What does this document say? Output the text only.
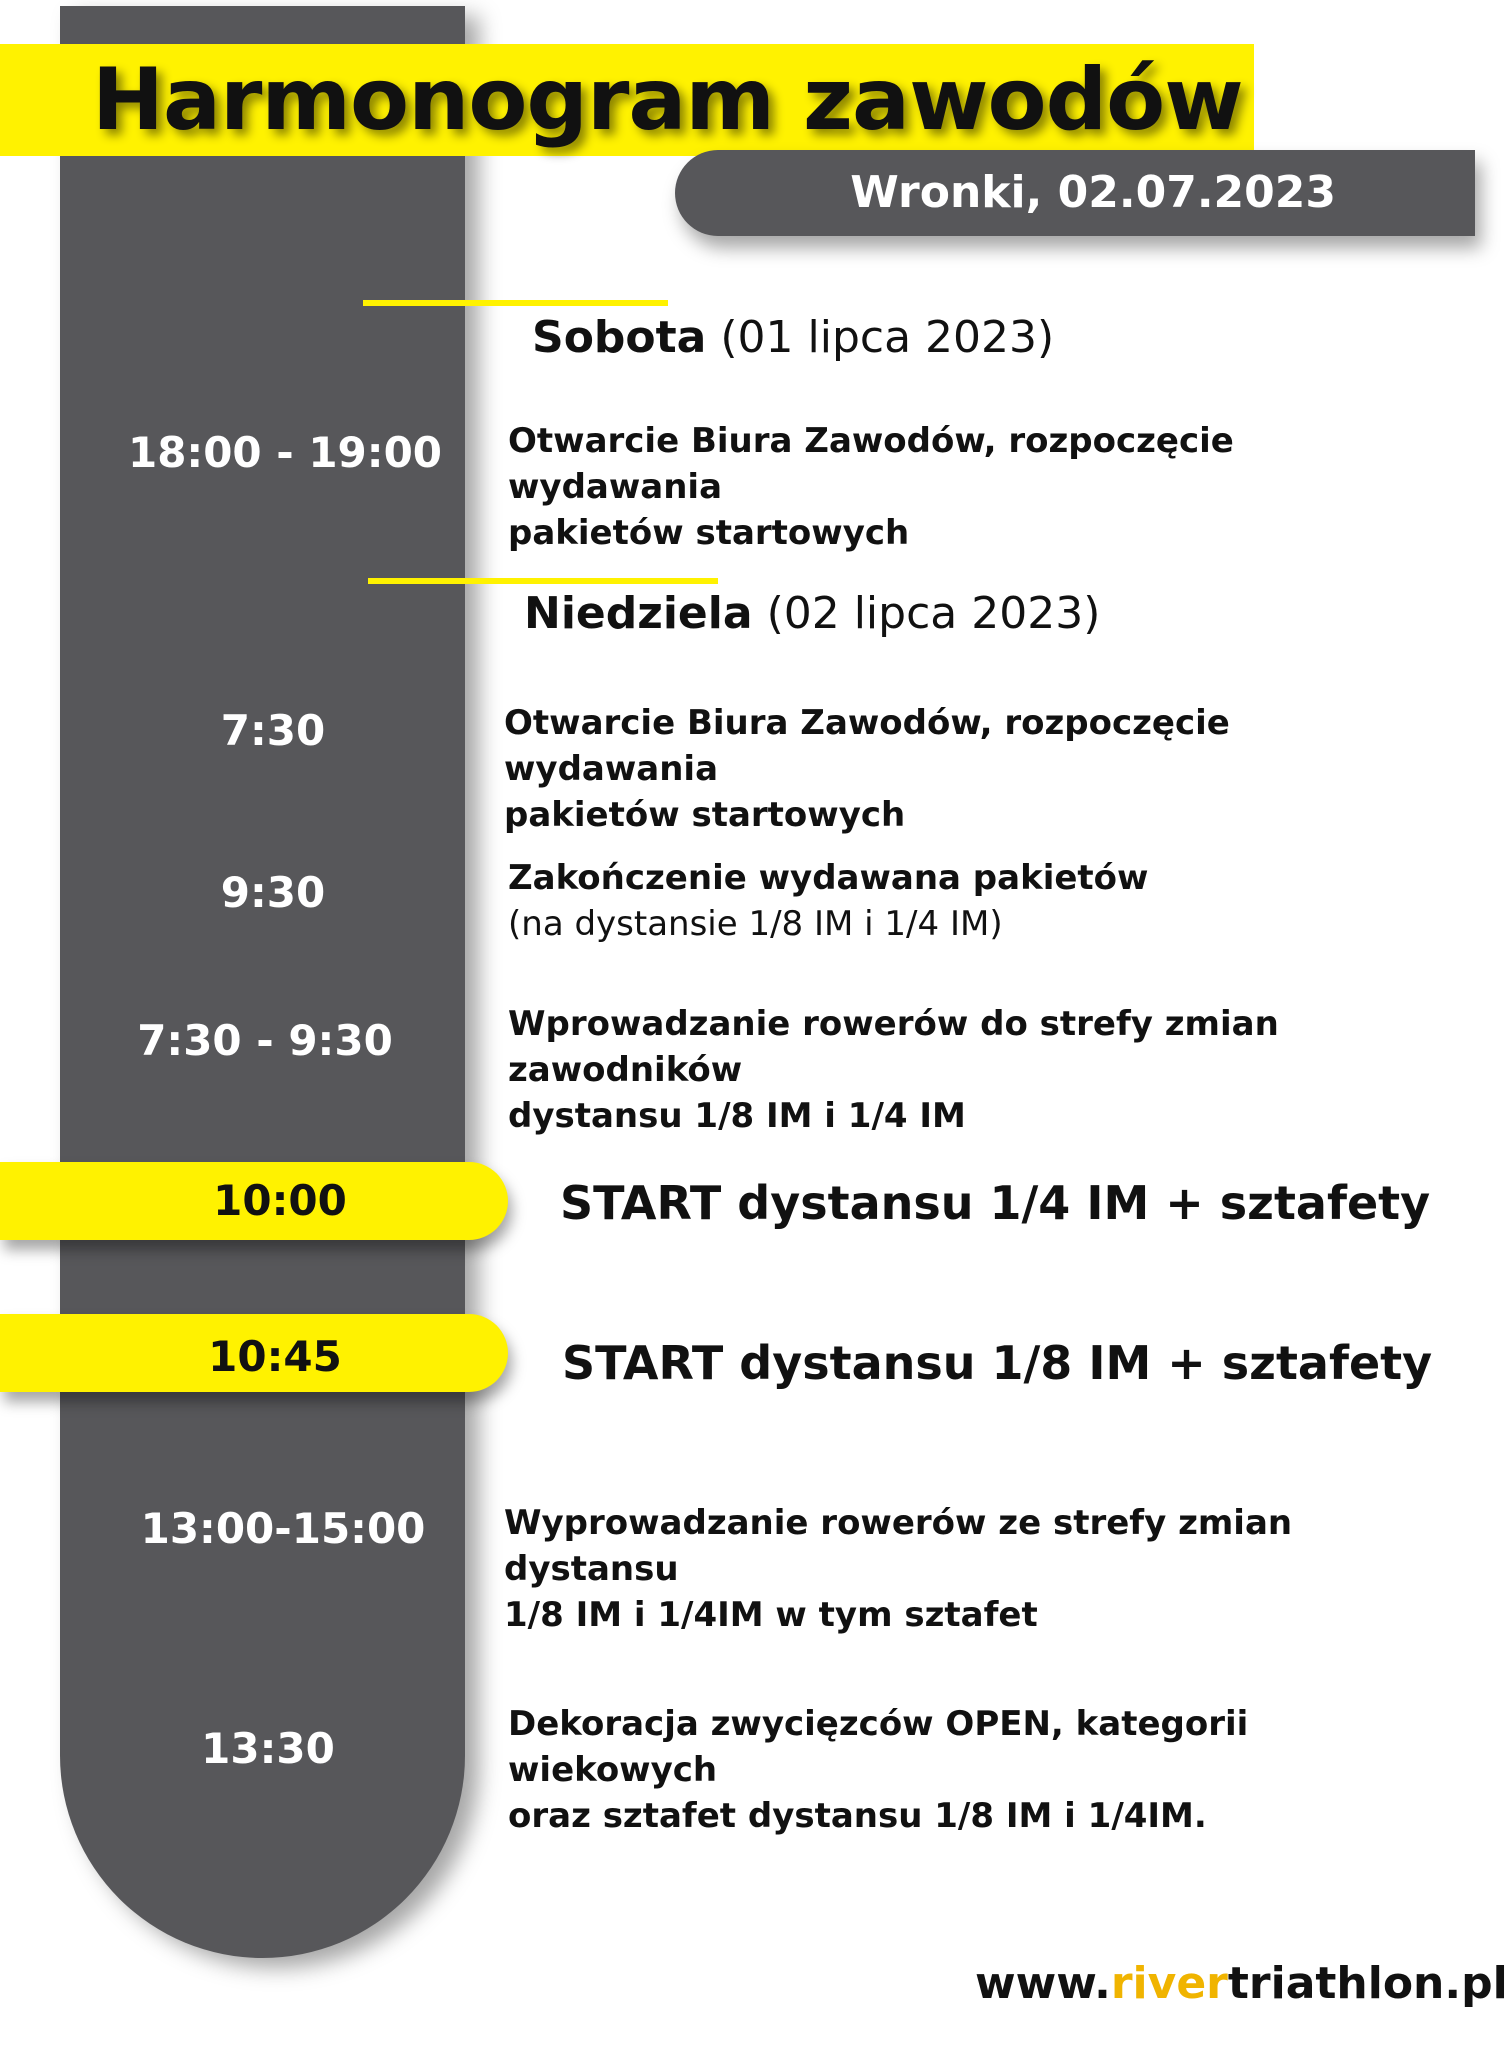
Harmonogram zawodów
Wronki, 02.07.2023
Sobota (01 lipca 2023)
18:00 - 19:00 Otwarcie Biura Zawodów, rozpoczęcie wydawania
pakietów startowych
Niedziela (02 lipca 2023)
7:30	Otwarcie Biura Zawodów, rozpoczęcie wydawania
pakietów startowych
9:30	Zakończenie wydawana pakietów
(na dystansie 1/8 IM i 1/4 IM)
7:30 - 9:30	Wprowadzanie rowerów do strefy zmian zawodników
dystansu 1/8 IM i 1/4 IM
10:00	START dystansu 1/4 IM + sztafety
10:45	START dystansu 1/8 IM + sztafety
13:00-15:00	Wyprowadzanie rowerów ze strefy zmian dystansu
1/8 IM i 1/4IM w tym sztafet
13:30	Dekoracja zwycięzców OPEN, kategorii wiekowych
oraz sztafet dystansu 1/8 IM i 1/4IM.
www.rivertriathlon.pl
